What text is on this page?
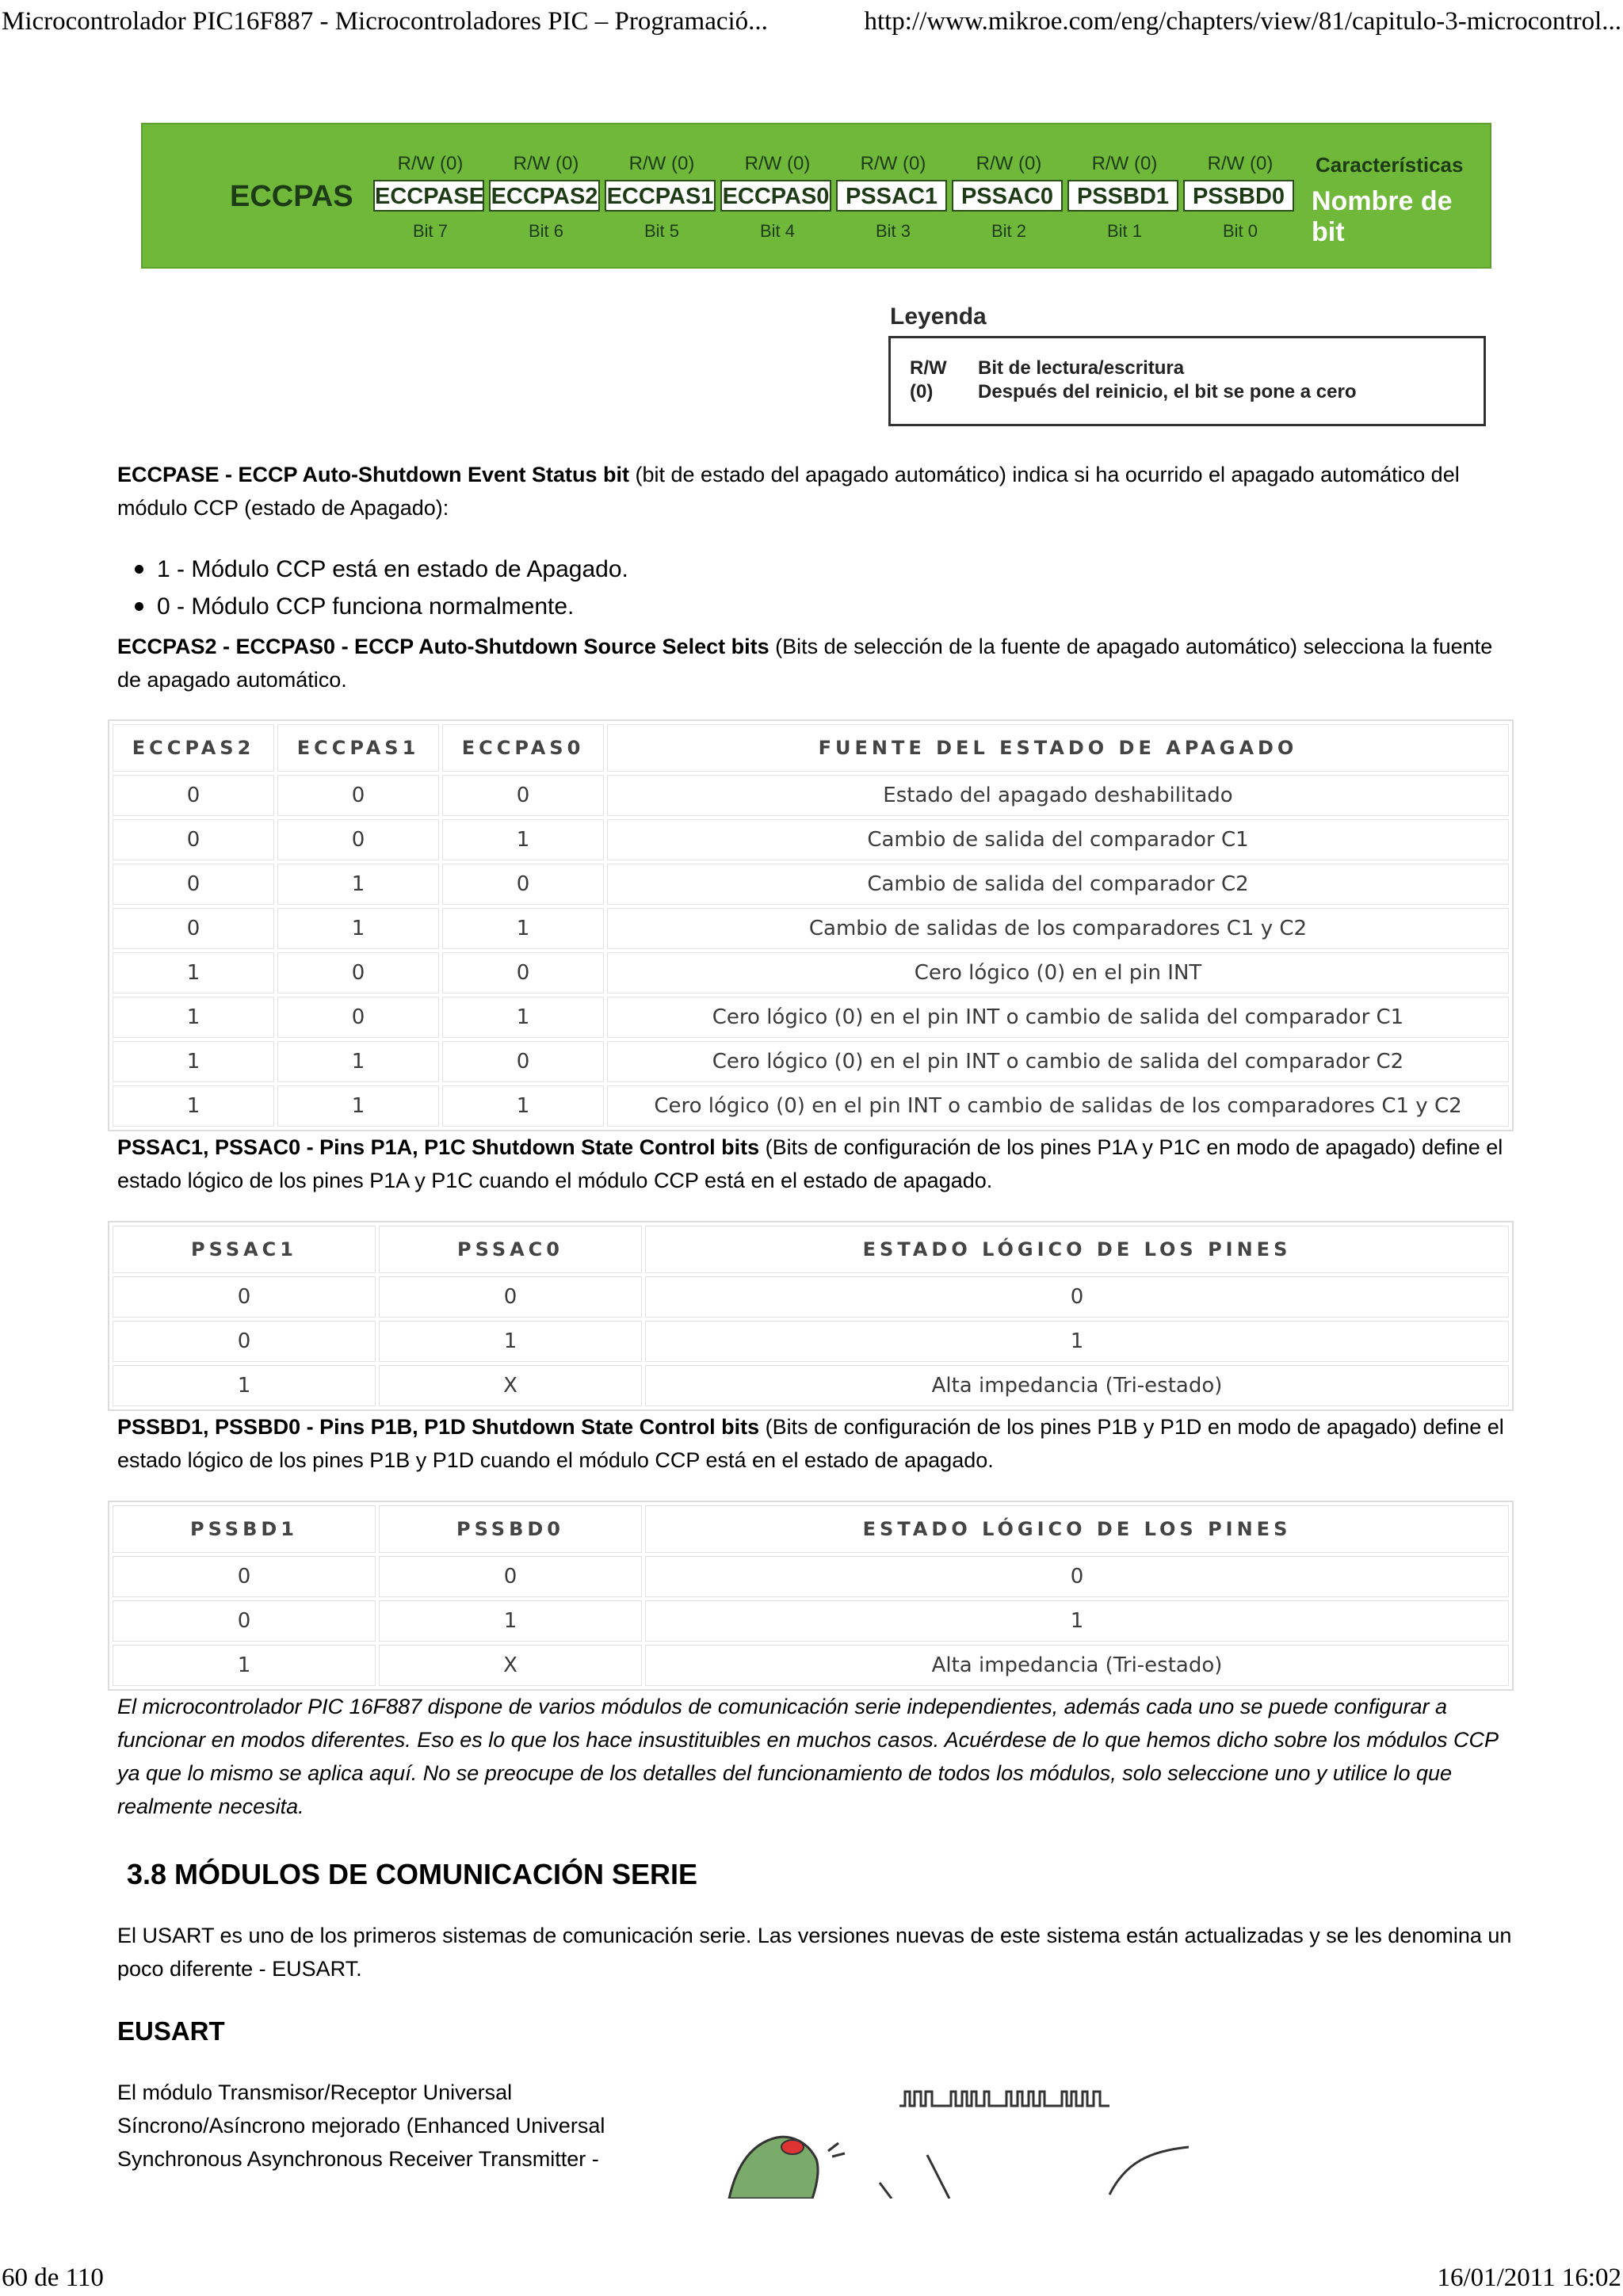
Microcontrolador PIC16F887 - Microcontroladores PIC – Programació...	http://www.mikroe.com/eng/chapters/view/81/capitulo-3-microcontrol...
ECCPAS
R/W (0)
ECCPASE
Bit 7
R/W (0)
ECCPAS2
Bit 6
R/W (0)
ECCPAS1
Bit 5
R/W (0)
ECCPAS0
Bit 4
R/W (0)
PSSAC1
Bit 3
R/W (0)
PSSAC0
Bit 2
R/W (0)
PSSBD1
Bit 1
R/W (0)
PSSBD0
Bit 0
Características
Nombre de bit
Leyenda
R/W Bit de lectura/escritura
(0) Después del reinicio, el bit se pone a cero
ECCPASE - ECCP Auto-Shutdown Event Status bit (bit de estado del apagado automático) indica si ha ocurrido el apagado automático del módulo CCP (estado de Apagado):
1 - Módulo CCP está en estado de Apagado.
0 - Módulo CCP funciona normalmente.
ECCPAS2 - ECCPAS0 - ECCP Auto-Shutdown Source Select bits (Bits de selección de la fuente de apagado automático) selecciona la fuente de apagado automático.
ECCPAS2	ECCPAS1	ECCPAS0	FUENTE DEL ESTADO DE APAGADO
0	0	0	Estado del apagado deshabilitado
0	0	1	Cambio de salida del comparador C1
0	1	0	Cambio de salida del comparador C2
0	1	1	Cambio de salidas de los comparadores C1 y C2
1	0	0	Cero lógico (0) en el pin INT
1	0	1	Cero lógico (0) en el pin INT o cambio de salida del comparador C1
1	1	0	Cero lógico (0) en el pin INT o cambio de salida del comparador C2
1	1	1	Cero lógico (0) en el pin INT o cambio de salidas de los comparadores C1 y C2
PSSAC1, PSSAC0 - Pins P1A, P1C Shutdown State Control bits (Bits de configuración de los pines P1A y P1C en modo de apagado) define el estado lógico de los pines P1A y P1C cuando el módulo CCP está en el estado de apagado.
PSSAC1	PSSAC0	ESTADO LÓGICO DE LOS PINES
0	0	0
0	1	1
1	X	Alta impedancia (Tri-estado)
PSSBD1, PSSBD0 - Pins P1B, P1D Shutdown State Control bits (Bits de configuración de los pines P1B y P1D en modo de apagado) define el estado lógico de los pines P1B y P1D cuando el módulo CCP está en el estado de apagado.
PSSBD1	PSSBD0	ESTADO LÓGICO DE LOS PINES
0	0	0
0	1	1
1	X	Alta impedancia (Tri-estado)
El microcontrolador PIC 16F887 dispone de varios módulos de comunicación serie independientes, además cada uno se puede configurar a funcionar en modos diferentes. Eso es lo que los hace insustituibles en muchos casos. Acuérdese de lo que hemos dicho sobre los módulos CCP ya que lo mismo se aplica aquí. No se preocupe de los detalles del funcionamiento de todos los módulos, solo seleccione uno y utilice lo que realmente necesita.
3.8 MÓDULOS DE COMUNICACIÓN SERIE
El USART es uno de los primeros sistemas de comunicación serie. Las versiones nuevas de este sistema están actualizadas y se les denomina un poco diferente - EUSART.
EUSART
El módulo Transmisor/Receptor Universal
Síncrono/Asíncrono mejorado (Enhanced Universal
Synchronous Asynchronous Receiver Transmitter -
60 de 110	16/01/2011 16:02
